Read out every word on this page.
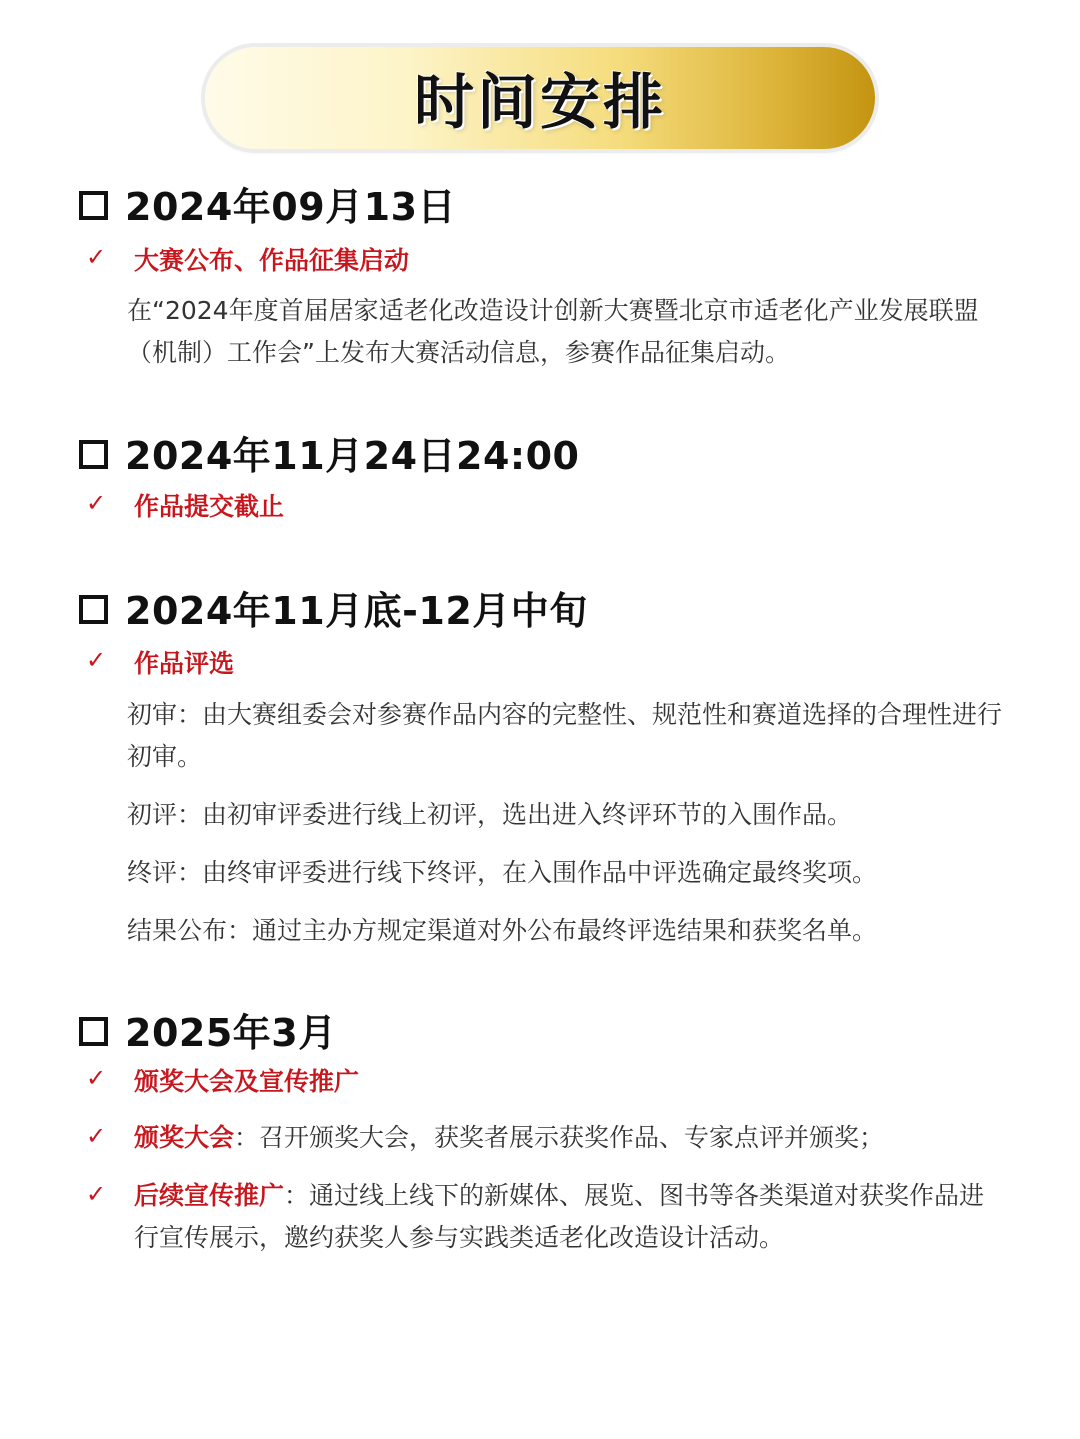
时间安排
2024年09月13日
✓ 大赛公布、作品征集启动
在“2024年度首届居家适老化改造设计创新大赛暨北京市适老化产业发展联盟（机制）工作会”上发布大赛活动信息，参赛作品征集启动。
2024年11月24日24:00
✓ 作品提交截止
2024年11月底-12月中旬
✓ 作品评选
初审：由大赛组委会对参赛作品内容的完整性、规范性和赛道选择的合理性进行初审。
初评：由初审评委进行线上初评，选出进入终评环节的入围作品。
终评：由终审评委进行线下终评，在入围作品中评选确定最终奖项。
结果公布：通过主办方规定渠道对外公布最终评选结果和获奖名单。
2025年3月
✓ 颁奖大会及宣传推广
✓ 颁奖大会：召开颁奖大会，获奖者展示获奖作品、专家点评并颁奖；
✓ 后续宣传推广：通过线上线下的新媒体、展览、图书等各类渠道对获奖作品进行宣传展示，邀约获奖人参与实践类适老化改造设计活动。
